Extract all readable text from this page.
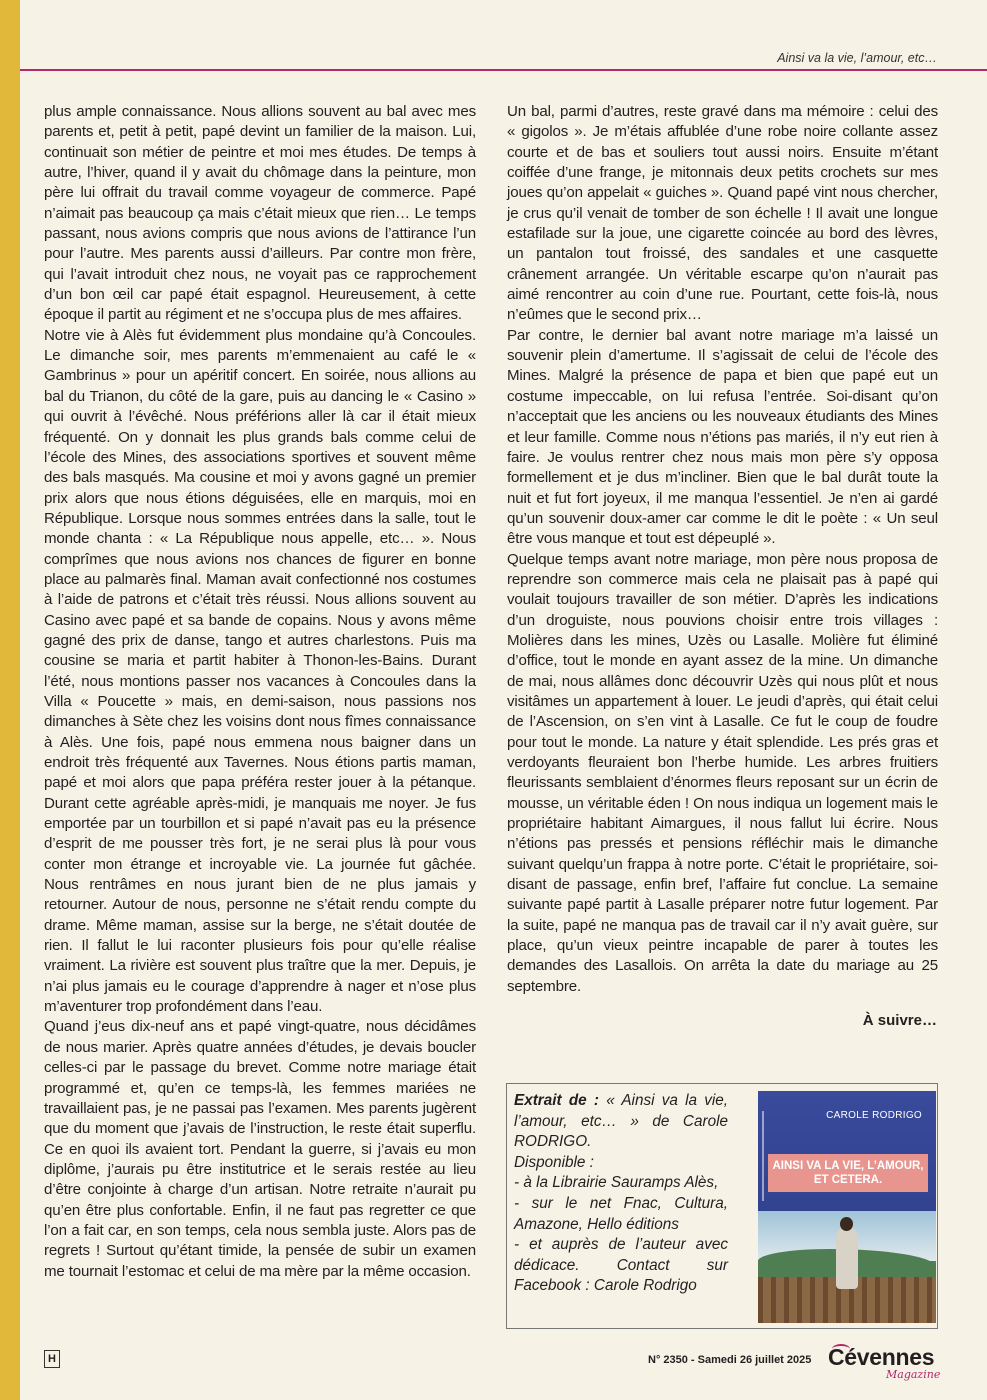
Ainsi va la vie, l’amour, etc…

plus ample connaissance. Nous allions souvent au bal avec mes parents et, petit à petit, papé devint un familier de la maison. Lui, continuait son métier de peintre et moi mes études. De temps à autre, l’hiver, quand il y avait du chômage dans la peinture, mon père lui offrait du travail comme voyageur de commerce. Papé n’aimait pas beaucoup ça mais c’était mieux que rien… Le temps passant, nous avions compris que nous avions de l’attirance l’un pour l’autre. Mes parents aussi d’ailleurs. Par contre mon frère, qui l’avait introduit chez nous, ne voyait pas ce rapprochement d’un bon œil car papé était espagnol. Heureusement, à cette époque il partit au régiment et ne s’occupa plus de mes affaires.

Notre vie à Alès fut évidemment plus mondaine qu’à Concoules. Le dimanche soir, mes parents m’emmenaient au café le « Gambrinus » pour un apéritif concert. En soirée, nous allions au bal du Trianon, du côté de la gare, puis au dancing le « Casino » qui ouvrit à l’évêché. Nous préférions aller là car il était mieux fréquenté. On y donnait les plus grands bals comme celui de l’école des Mines, des associations sportives et souvent même des bals masqués. Ma cousine et moi y avons gagné un premier prix alors que nous étions déguisées, elle en marquis, moi en République. Lorsque nous sommes entrées dans la salle, tout le monde chanta : « La République nous appelle, etc… ». Nous comprîmes que nous avions nos chances de figurer en bonne place au palmarès final. Maman avait confectionné nos costumes à l’aide de patrons et c’était très réussi. Nous allions souvent au Casino avec papé et sa bande de copains. Nous y avons même gagné des prix de danse, tango et autres charlestons. Puis ma cousine se maria et partit habiter à Thonon-les-Bains. Durant l’été, nous montions passer nos vacances à Concoules dans la Villa « Poucette » mais, en demi-saison, nous passions nos dimanches à Sète chez les voisins dont nous fîmes connaissance à Alès. Une fois, papé nous emmena nous baigner dans un endroit très fréquenté aux Tavernes. Nous étions partis maman, papé et moi alors que papa préféra rester jouer à la pétanque. Durant cette agréable après-midi, je manquais me noyer. Je fus emportée par un tourbillon et si papé n’avait pas eu la présence d’esprit de me pousser très fort, je ne serai plus là pour vous conter mon étrange et incroyable vie. La journée fut gâchée. Nous rentrâmes en nous jurant bien de ne plus jamais y retourner. Autour de nous, personne ne s’était rendu compte du drame. Même maman, assise sur la berge, ne s’était doutée de rien. Il fallut le lui raconter plusieurs fois pour qu’elle réalise vraiment. La rivière est souvent plus traître que la mer. Depuis, je n’ai plus jamais eu le courage d’apprendre à nager et n’ose plus m’aventurer trop profondément dans l’eau.

Quand j’eus dix-neuf ans et papé vingt-quatre, nous décidâmes de nous marier. Après quatre années d’études, je devais boucler celles-ci par le passage du brevet. Comme notre mariage était programmé et, qu’en ce temps-là, les femmes mariées ne travaillaient pas, je ne passai pas l’examen. Mes parents jugèrent que du moment que j’avais de l’instruction, le reste était superflu. Ce en quoi ils avaient tort. Pendant la guerre, si j’avais eu mon diplôme, j’aurais pu être institutrice et le serais restée au lieu d’être conjointe à charge d’un artisan. Notre retraite n’aurait pu qu’en être plus confortable. Enfin, il ne faut pas regretter ce que l’on a fait car, en son temps, cela nous sembla juste. Alors pas de regrets ! Surtout qu’étant timide, la pensée de subir un examen me tournait l’estomac et celui de ma mère par la même occasion.

Un bal, parmi d’autres, reste gravé dans ma mémoire : celui des « gigolos ». Je m’étais affublée d’une robe noire collante assez courte et de bas et souliers tout aussi noirs. Ensuite m’étant coiffée d’une frange, je mitonnais deux petits crochets sur mes joues qu’on appelait « guiches ». Quand papé vint nous chercher, je crus qu’il venait de tomber de son échelle ! Il avait une longue estafilade sur la joue, une cigarette coincée au bord des lèvres, un pantalon tout froissé, des sandales et une casquette crânement arrangée. Un véritable escarpe qu’on n’aurait pas aimé rencontrer au coin d’une rue. Pourtant, cette fois-là, nous n’eûmes que le second prix…

Par contre, le dernier bal avant notre mariage m’a laissé un souvenir plein d’amertume. Il s’agissait de celui de l’école des Mines. Malgré la présence de papa et bien que papé eut un costume impeccable, on lui refusa l’entrée. Soi-disant qu’on n’acceptait que les anciens ou les nouveaux étudiants des Mines et leur famille. Comme nous n’étions pas mariés, il n’y eut rien à faire. Je voulus rentrer chez nous mais mon père s’y opposa formellement et je dus m’incliner. Bien que le bal durât toute la nuit et fut fort joyeux, il me manqua l’essentiel. Je n’en ai gardé qu’un souvenir doux-amer car comme le dit le poète : « Un seul être vous manque et tout est dépeuplé ».

Quelque temps avant notre mariage, mon père nous proposa de reprendre son commerce mais cela ne plaisait pas à papé qui voulait toujours travailler de son métier. D’après les indications d’un droguiste, nous pouvions choisir entre trois villages : Molières dans les mines, Uzès ou Lasalle. Molière fut éliminé d’office, tout le monde en ayant assez de la mine. Un dimanche de mai, nous allâmes donc découvrir Uzès qui nous plût et nous visitâmes un appartement à louer. Le jeudi d’après, qui était celui de l’Ascension, on s’en vint à Lasalle. Ce fut le coup de foudre pour tout le monde. La nature y était splendide. Les prés gras et verdoyants fleuraient bon l’herbe humide. Les arbres fruitiers fleurissants semblaient d’énormes fleurs reposant sur un écrin de mousse, un véritable éden ! On nous indiqua un logement mais le propriétaire habitant Aimargues, il nous fallut lui écrire. Nous n’étions pas pressés et pensions réfléchir mais le dimanche suivant quelqu’un frappa à notre porte. C’était le propriétaire, soi-disant de passage, enfin bref, l’affaire fut conclue. La semaine suivante papé partit à Lasalle préparer notre futur logement. Par la suite, papé ne manqua pas de travail car il n’y avait guère, sur place, qu’un vieux peintre incapable de parer à toutes les demandes des Lasallois. On arrêta la date du mariage au 25 septembre.

À suivre…

Extrait de : « Ainsi va la vie, l’amour, etc… » de Carole RODRIGO.

Disponible :

- à la Librairie Sauramps Alès,

- sur le net Fnac, Cultura, Amazone, Hello éditions

- et auprès de l’auteur avec dédicace. Contact sur Facebook : Carole Rodrigo

CAROLE RODRIGO
AINSI VA LA VIE, L’AMOUR, ET CETERA.
H	N° 2350 - Samedi 26 juillet 2025 Cévennes
Magazine
